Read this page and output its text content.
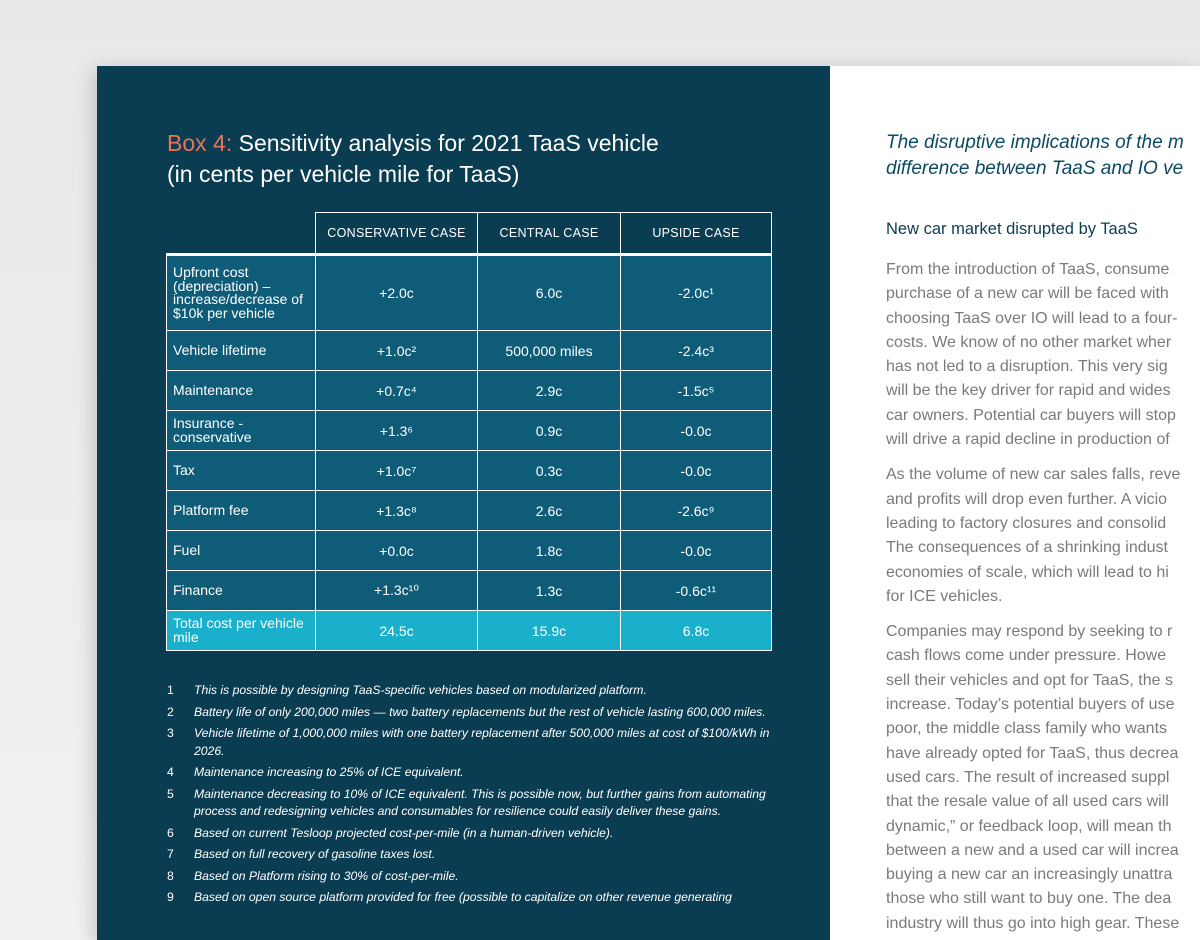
Box 4: Sensitivity analysis for 2021 TaaS vehicle
(in cents per vehicle mile for TaaS)
	CONSERVATIVE CASE	CENTRAL CASE	UPSIDE CASE
Upfront cost (depreciation) – increase/decrease of $10k per vehicle	+2.0c	6.0c	-2.0c¹
Vehicle lifetime	+1.0c²	500,000 miles	-2.4c³
Maintenance	+0.7c⁴	2.9c	-1.5c⁵
Insurance - conservative	+1.3⁶	0.9c	-0.0c
Tax	+1.0c⁷	0.3c	-0.0c
Platform fee	+1.3c⁸	2.6c	-2.6c⁹
Fuel	+0.0c	1.8c	-0.0c
Finance	+1.3c¹⁰	1.3c	-0.6c¹¹
Total cost per vehicle mile	24.5c	15.9c	6.8c
1	This is possible by designing TaaS-specific vehicles based on modularized platform.
2	Battery life of only 200,000 miles — two battery replacements but the rest of vehicle lasting 600,000 miles.
3	Vehicle lifetime of 1,000,000 miles with one battery replacement after 500,000 miles at cost of $100/kWh in 2026.
4	Maintenance increasing to 25% of ICE equivalent.
5	Maintenance decreasing to 10% of ICE equivalent. This is possible now, but further gains from automating process and redesigning vehicles and consumables for resilience could easily deliver these gains.
6	Based on current Tesloop projected cost-per-mile (in a human-driven vehicle).
7	Based on full recovery of gasoline taxes lost.
8	Based on Platform rising to 30% of cost-per-mile.
9	Based on open source platform provided for free (possible to capitalize on other revenue generating

The disruptive implications of the m
difference between TaaS and IO ve

New car market disrupted by TaaS

From the introduction of TaaS, consume
purchase of a new car will be faced with
choosing TaaS over IO will lead to a four-
costs. We know of no other market wher
has not led to a disruption. This very sig
will be the key driver for rapid and wides
car owners. Potential car buyers will stop
will drive a rapid decline in production of

As the volume of new car sales falls, reve
and profits will drop even further. A vicio
leading to factory closures and consolid
The consequences of a shrinking indust
economies of scale, which will lead to hi
for ICE vehicles.

Companies may respond by seeking to r
cash flows come under pressure. Howe
sell their vehicles and opt for TaaS, the s
increase. Today’s potential buyers of use
poor, the middle class family who wants
have already opted for TaaS, thus decrea
used cars. The result of increased suppl
that the resale value of all used cars will
dynamic,” or feedback loop, will mean th
between a new and a used car will increa
buying a new car an increasingly unattra
those who still want to buy one. The dea
industry will thus go into high gear. These
